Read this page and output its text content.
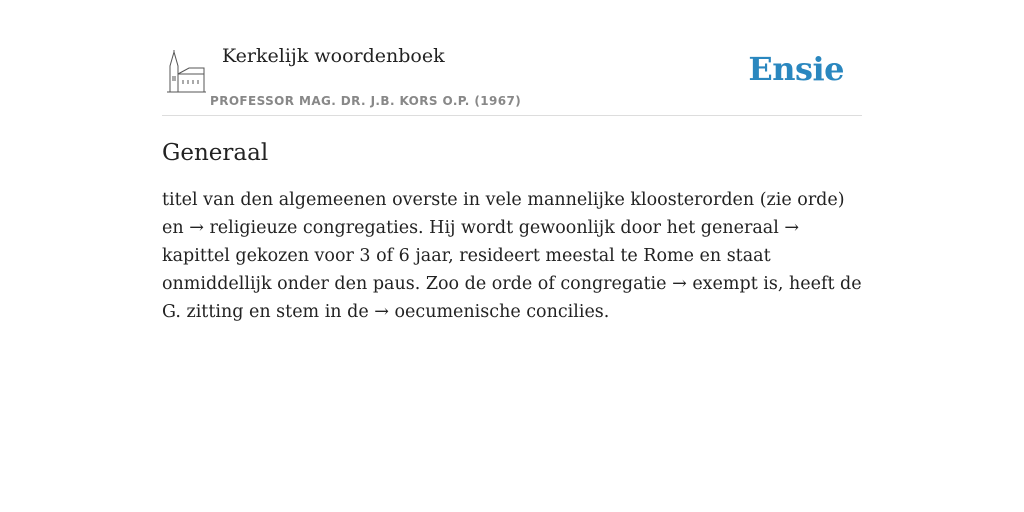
Kerkelijk woordenboek
PROFESSOR MAG. DR. J.B. KORS O.P. (1967)
Ensie
Generaal

titel van den algemeenen overste in vele mannelijke kloosterorden (zie orde) en → religieuze congregaties. Hij wordt gewoonlijk door het generaal → kapittel gekozen voor 3 of 6 jaar, resideert meestal te Rome en staat onmiddellijk onder den paus. Zoo de orde of congregatie → exempt is, heeft de G. zitting en stem in de → oecumenische concilies.
